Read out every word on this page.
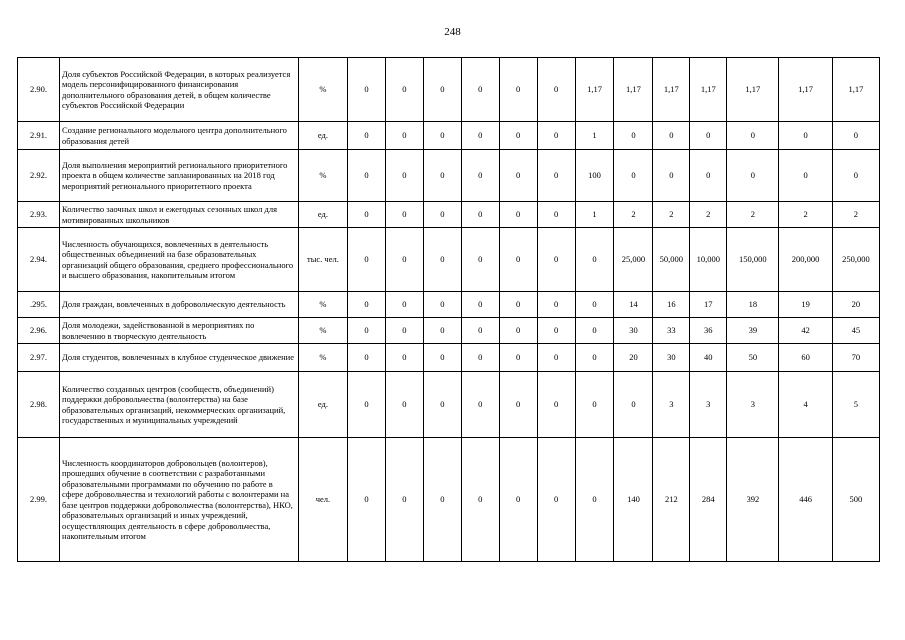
248
2.90.	Доля субъектов Российской Федерации, в которых реализуется модель персонифицированного финансирования дополнительного образования детей, в общем количестве субъектов Российской Федерации	%	0	0	0	0	0	0	1,17	1,17	1,17	1,17	1,17	1,17	1,17
2.91.	Создание регионального модельного центра дополнительного образования детей	ед.	0	0	0	0	0	0	1	0	0	0	0	0	0
2.92.	Доля выполнения мероприятий регионального приоритетного проекта в общем количестве запланированных на 2018 год мероприятий регионального приоритетного проекта	%	0	0	0	0	0	0	100	0	0	0	0	0	0
2.93.	Количество заочных школ и ежегодных сезонных школ для мотивированных школьников	ед.	0	0	0	0	0	0	1	2	2	2	2	2	2
2.94.	Численность обучающихся, вовлеченных в деятельность общественных объединений на базе образовательных организаций общего образования, среднего профессионального и высшего образования, накопительным итогом	тыс. чел.	0	0	0	0	0	0	0	25,000	50,000	10,000	150,000	200,000	250,000
.295.	Доля граждан, вовлеченных в добровольческую деятельность	%	0	0	0	0	0	0	0	14	16	17	18	19	20
2.96.	Доля молодежи, задействованной в мероприятиях по вовлечению в творческую деятельность	%	0	0	0	0	0	0	0	30	33	36	39	42	45
2.97.	Доля студентов, вовлеченных в клубное студенческое движение	%	0	0	0	0	0	0	0	20	30	40	50	60	70
2.98.	Количество созданных центров (сообществ, объединений) поддержки добровольчества (волонтерства) на базе образовательных организаций, некоммерческих организаций, государственных и муниципальных учреждений	ед.	0	0	0	0	0	0	0	0	3	3	3	4	5
2.99.	Численность координаторов добровольцев (волонтеров), прошедших обучение в соответствии с разработанными образовательными программами по обучению по работе в сфере добровольчества и технологий работы с волонтерами на базе центров поддержки добровольчества (волонтерства), НКО, образовательных организаций и иных учреждений, осуществляющих деятельность в сфере добровольчества, накопительным итогом	чел.	0	0	0	0	0	0	0	140	212	284	392	446	500
